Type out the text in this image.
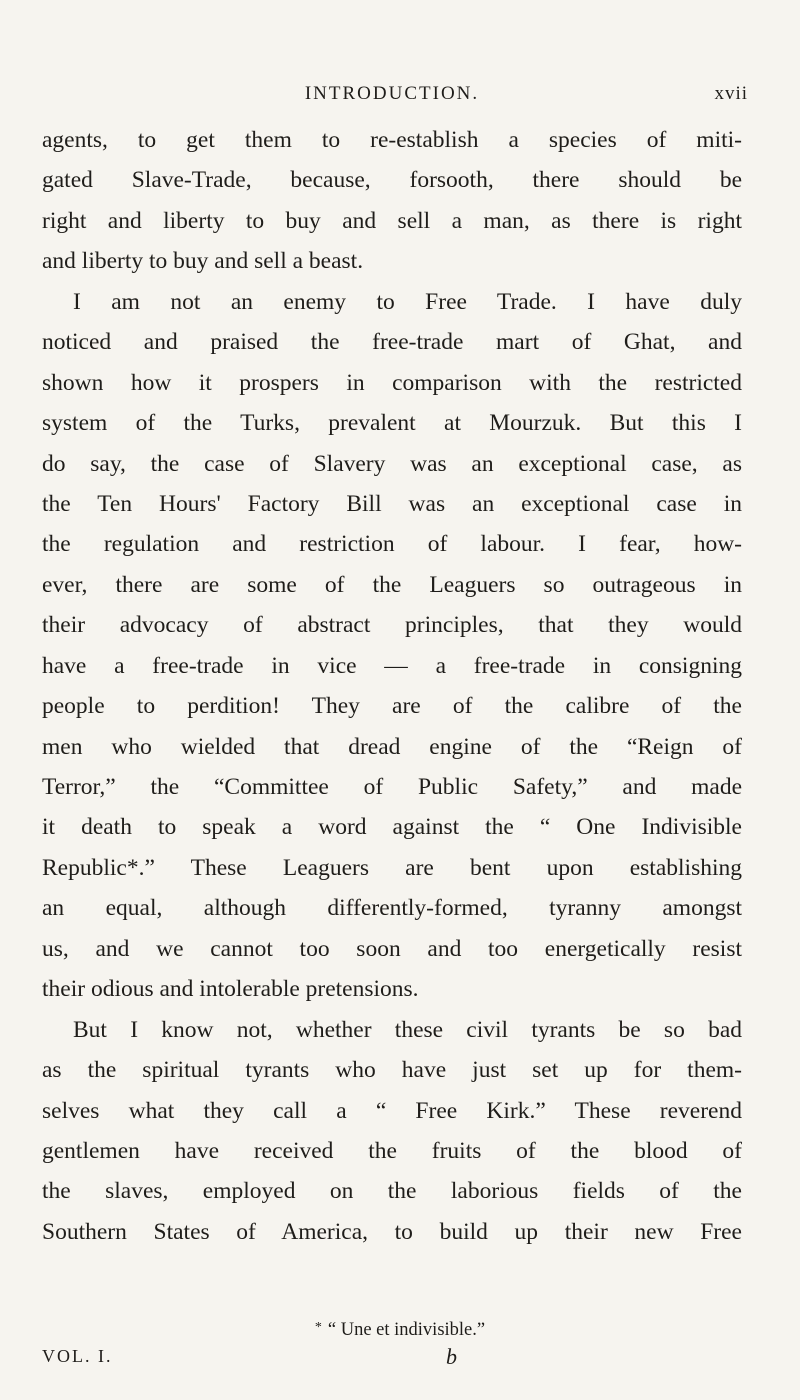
INTRODUCTION.	xvii
agents, to get them to re-establish a species of miti-
gated Slave-Trade, because, forsooth, there should be
right and liberty to buy and sell a man, as there is right
and liberty to buy and sell a beast.
I am not an enemy to Free Trade. I have duly
noticed and praised the free-trade mart of Ghat, and
shown how it prospers in comparison with the restricted
system of the Turks, prevalent at Mourzuk. But this I
do say, the case of Slavery was an exceptional case, as
the Ten Hours' Factory Bill was an exceptional case in
the regulation and restriction of labour. I fear, how-
ever, there are some of the Leaguers so outrageous in
their advocacy of abstract principles, that they would
have a free-trade in vice — a free-trade in consigning
people to perdition! They are of the calibre of the
men who wielded that dread engine of the “Reign of
Terror,” the “Committee of Public Safety,” and made
it death to speak a word against the “ One Indivisible
Republic*.” These Leaguers are bent upon establishing
an equal, although differently-formed, tyranny amongst
us, and we cannot too soon and too energetically resist
their odious and intolerable pretensions.
But I know not, whether these civil tyrants be so bad
as the spiritual tyrants who have just set up for them-
selves what they call a “ Free Kirk.” These reverend
gentlemen have received the fruits of the blood of
the slaves, employed on the laborious fields of the
Southern States of America, to build up their new Free
* “ Une et indivisible.”
VOL. I.	b
